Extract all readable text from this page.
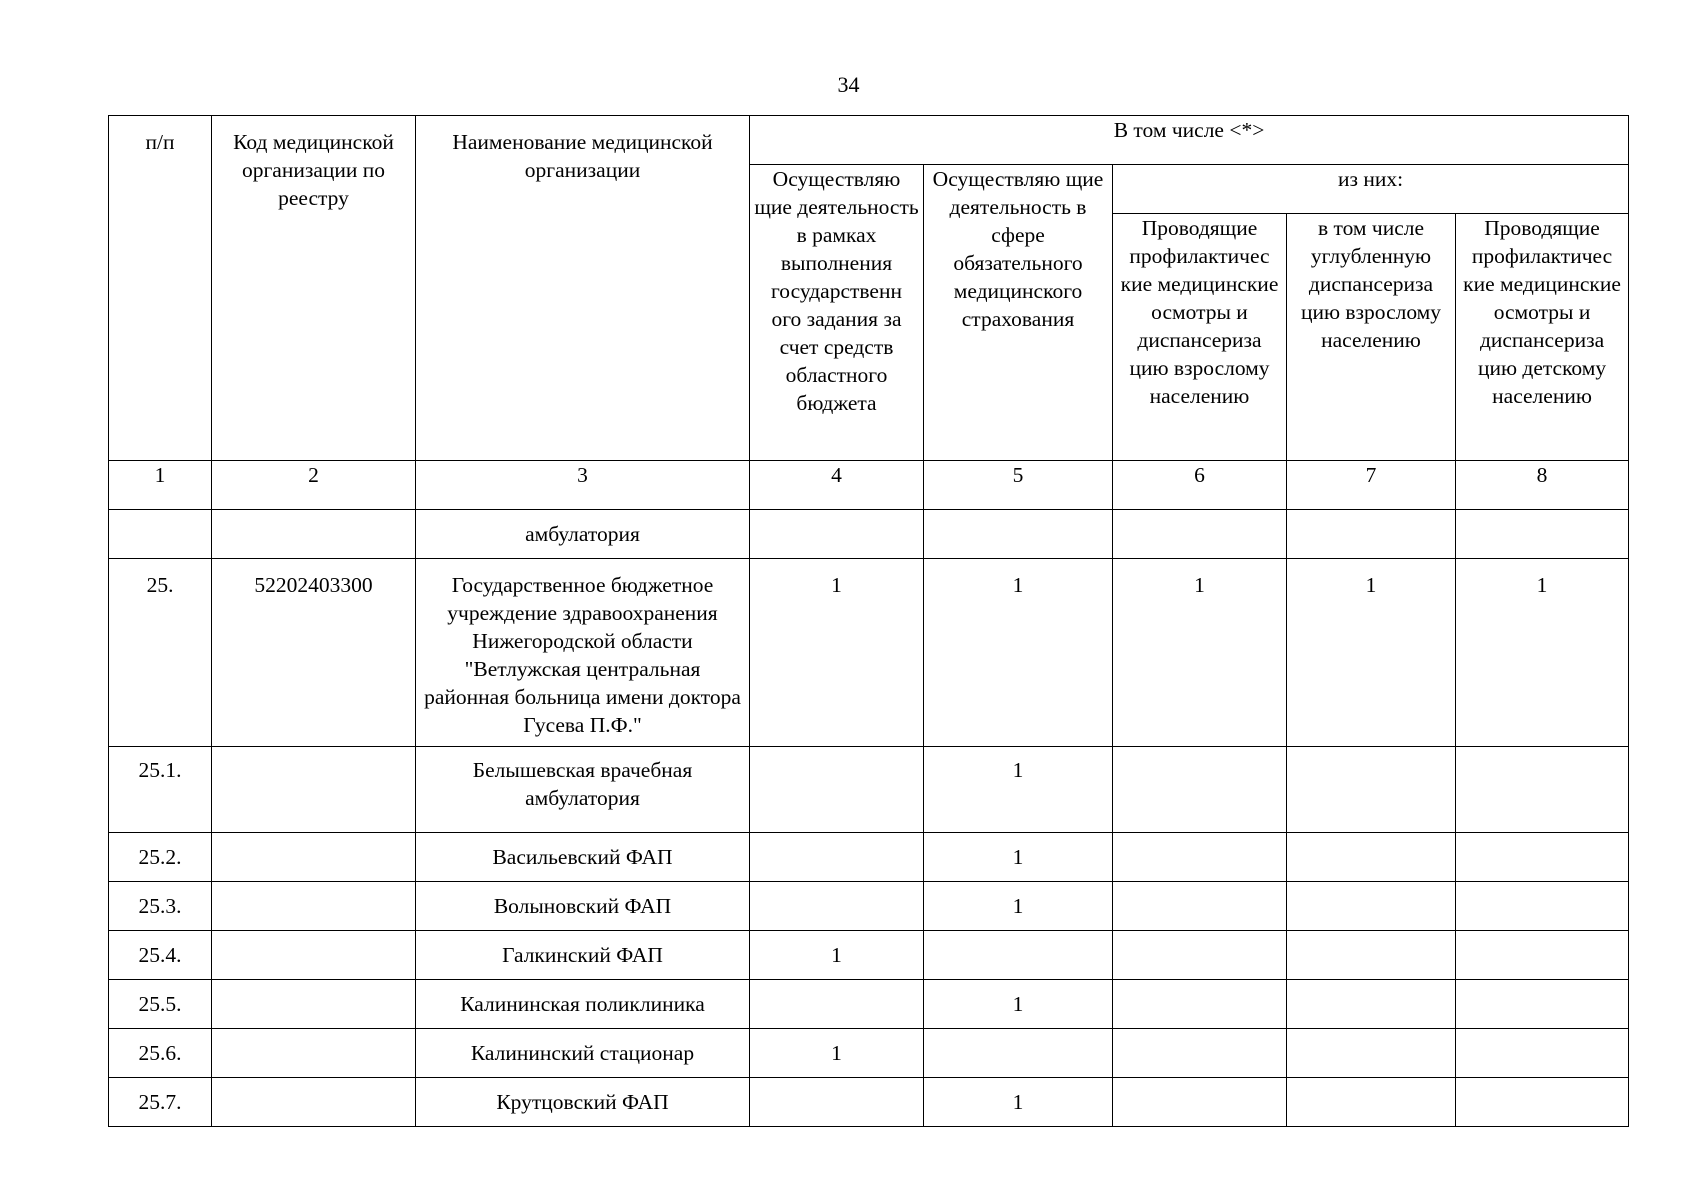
34
п/п	Код медицинской организации по реестру	Наименование медицинской организации	В том числе <*>				
			Осуществляю щие деятельность в рамках выполнения государственн ого задания за счет средств областного бюджета	Осуществляю щие деятельность в сфере обязательного медицинского страхования	из них:		
					Проводящие профилактичес кие медицинские осмотры и диспансериза цию взрослому населению	в том числе углубленную диспансериза цию взрослому населению	Проводящие профилактичес кие медицинские осмотры и диспансериза цию детскому населению
1	2	3	4	5	6	7	8
		амбулатория					
25.	52202403300	Государственное бюджетное учреждение здравоохранения Нижегородской области "Ветлужская центральная районная больница имени доктора Гусева П.Ф."	1	1	1	1	1
25.1.		Белышевская врачебная амбулатория		1			
25.2.		Васильевский ФАП		1			
25.3.		Волыновский ФАП		1			
25.4.		Галкинский ФАП	1				
25.5.		Калининская поликлиника		1			
25.6.		Калининский стационар	1				
25.7.		Крутцовский ФАП		1			
